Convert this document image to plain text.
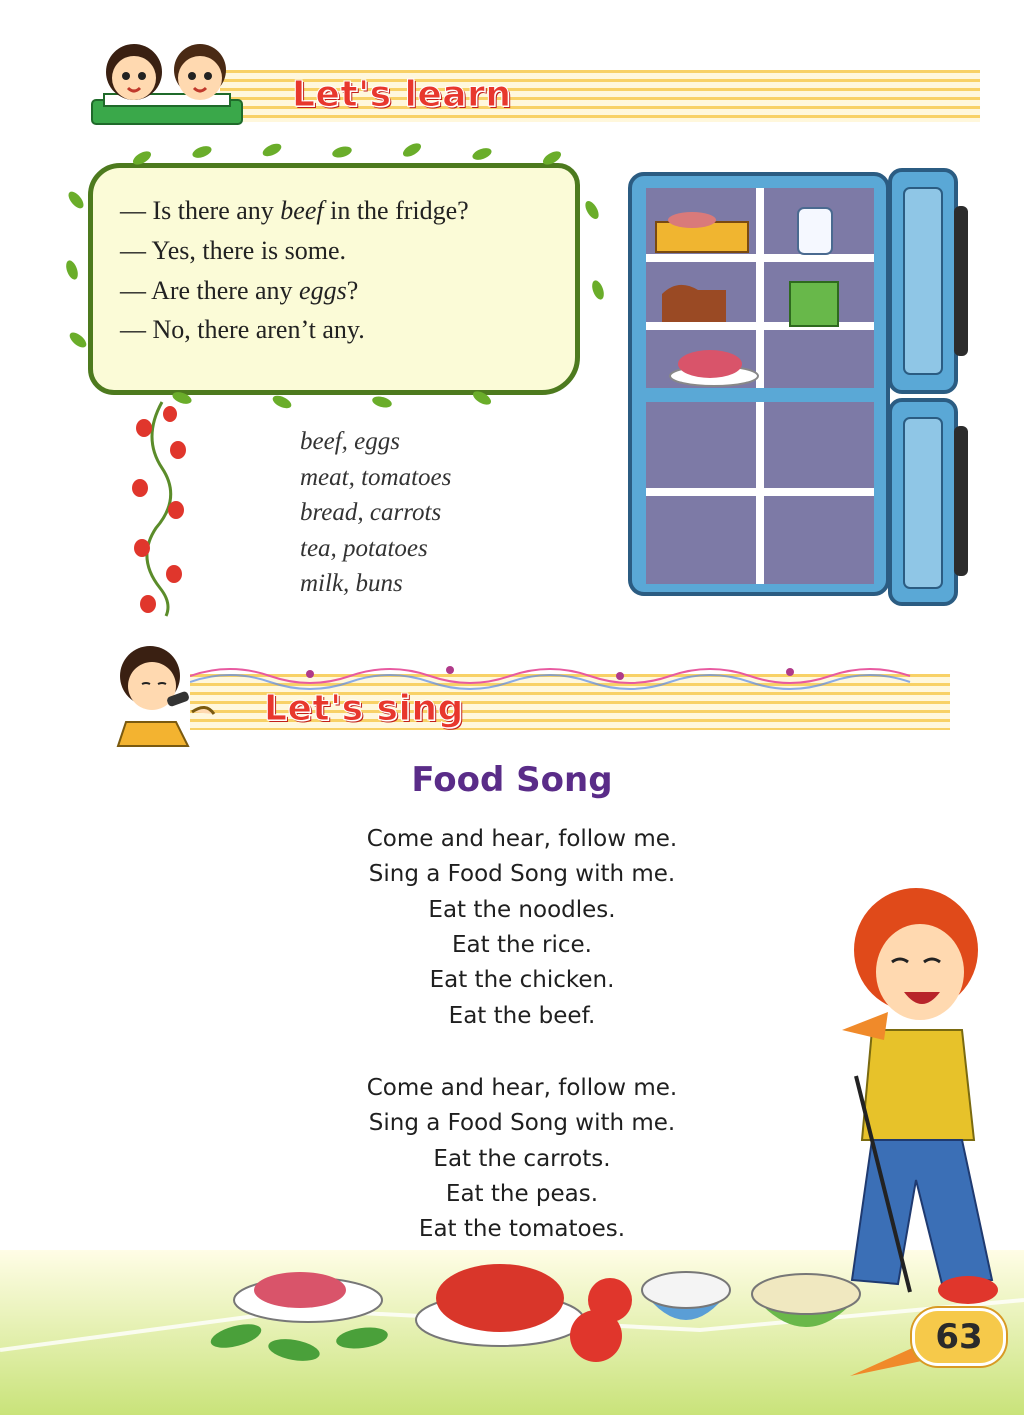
Let's learn
— Is there any beef in the fridge?
— Yes, there is some.
— Are there any eggs?
— No, there aren’t any.
beef, eggs
meat, tomatoes
bread, carrots
tea, potatoes
milk, buns
Let's sing
Food Song
Come and hear, follow me.
Sing a Food Song with me.
Eat the noodles.
Eat the rice.
Eat the chicken.
Eat the beef.
Come and hear, follow me.
Sing a Food Song with me.
Eat the carrots.
Eat the peas.
Eat the tomatoes.
63
